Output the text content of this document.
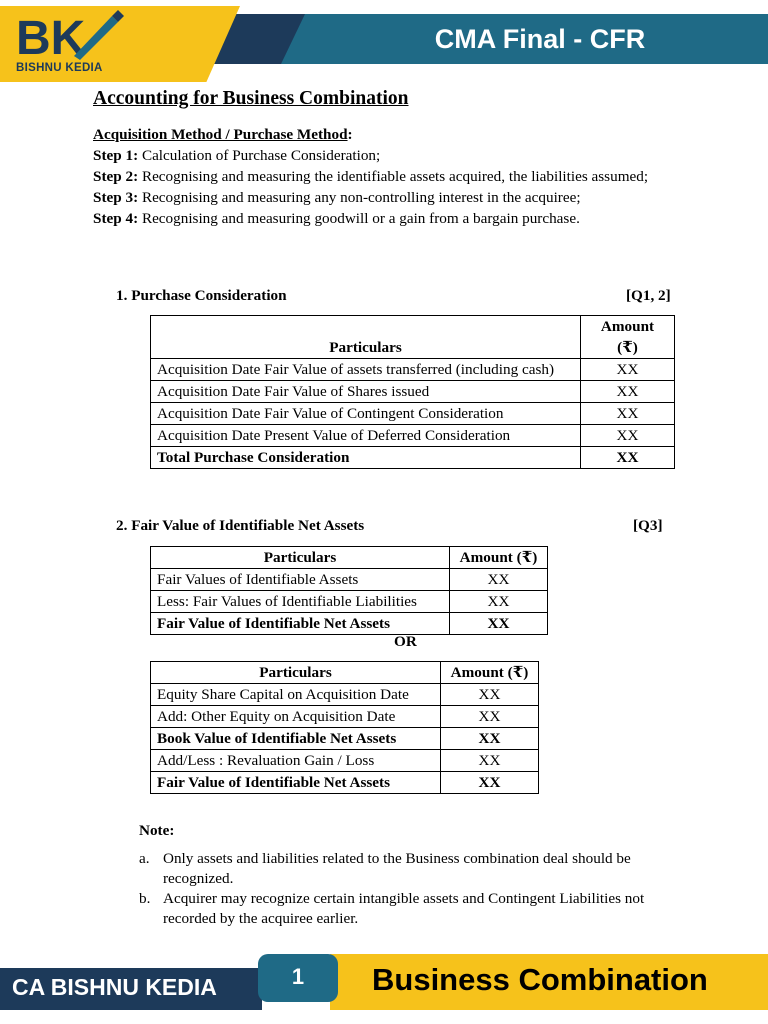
BK
BISHNU KEDIA
CMA Final - CFR
Accounting for Business Combination

Acquisition Method / Purchase Method:

Step 1: Calculation of Purchase Consideration;

Step 2: Recognising and measuring the identifiable assets acquired, the liabilities assumed;

Step 3: Recognising and measuring any non-controlling interest in the acquiree;

Step 4: Recognising and measuring goodwill or a gain from a bargain purchase.

1. Purchase Consideration	[Q1, 2]
Particulars	Amount (₹)
Acquisition Date Fair Value of assets transferred (including cash)	XX
Acquisition Date Fair Value of Shares issued	XX
Acquisition Date Fair Value of Contingent Consideration	XX
Acquisition Date Present Value of Deferred Consideration	XX
Total Purchase Consideration	XX
2. Fair Value of Identifiable Net Assets	[Q3]
Particulars	Amount (₹)
Fair Values of Identifiable Assets	XX
Less: Fair Values of Identifiable Liabilities	XX
Fair Value of Identifiable Net Assets	XX
OR
Particulars	Amount (₹)
Equity Share Capital on Acquisition Date	XX
Add: Other Equity on Acquisition Date	XX
Book Value of Identifiable Net Assets	XX
Add/Less : Revaluation Gain / Loss	XX
Fair Value of Identifiable Net Assets	XX
Note:
a. Only assets and liabilities related to the Business combination deal should be recognized.
b. Acquirer may recognize certain intangible assets and Contingent Liabilities not recorded by the acquiree earlier.
CA BISHNU KEDIA	Business Combination
1
